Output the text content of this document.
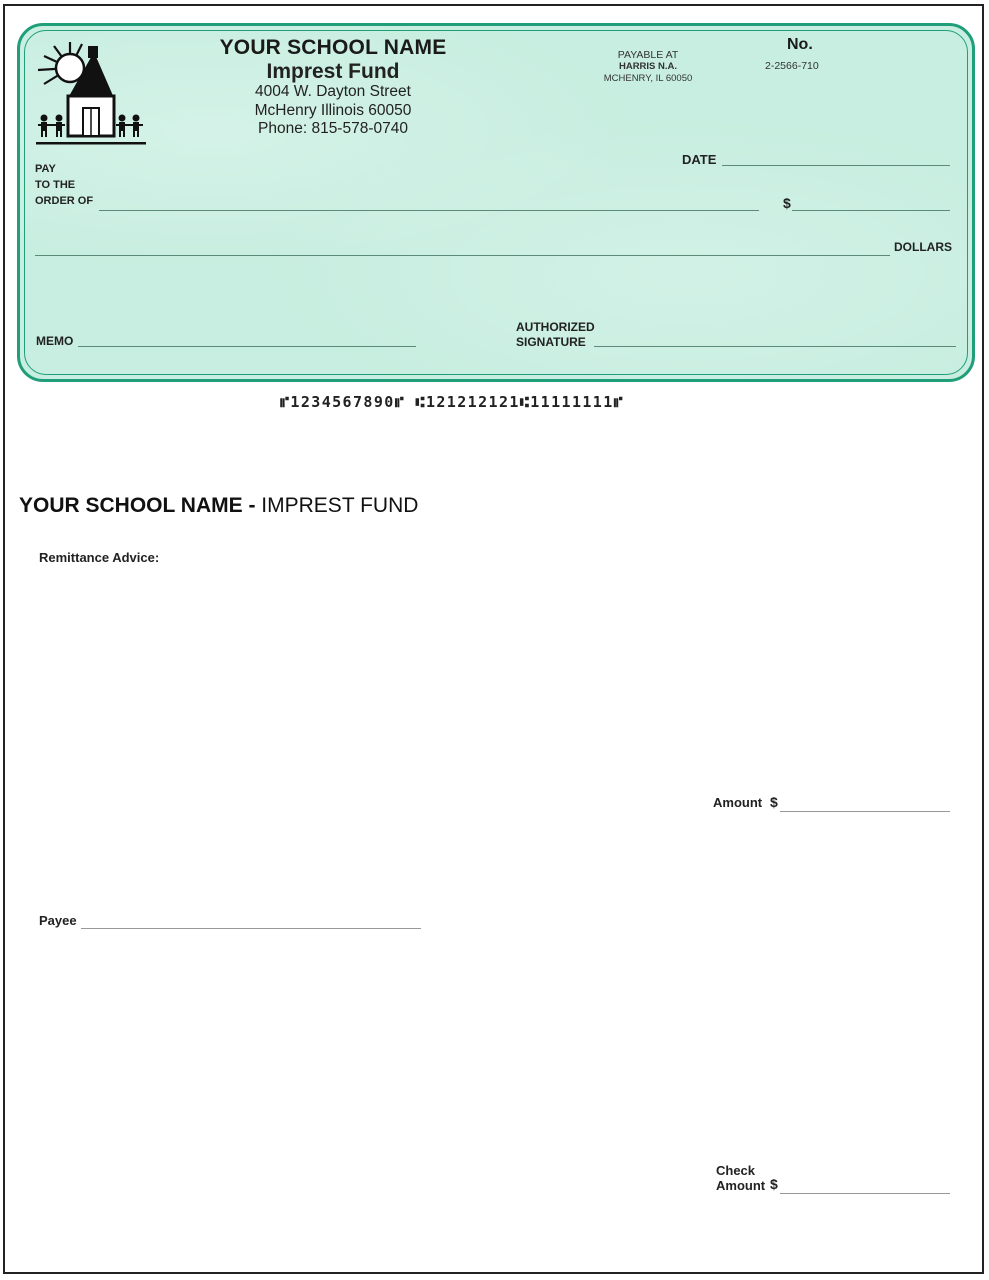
YOUR SCHOOL NAME
Imprest Fund
4004 W. Dayton Street
McHenry Illinois 60050
Phone: 815-578-0740
PAYABLE AT
HARRIS N.A.
MCHENRY, IL 60050
No.
2-2566-710
DATE
PAY
TO THE
ORDER OF	$
DOLLARS
MEMO
AUTHORIZED
SIGNATURE
⑈1234567890⑈ ⑆121212121⑆11111111⑈
YOUR SCHOOL NAME - IMPREST FUND
Remittance Advice:
Amount $
Payee
Check
Amount $
